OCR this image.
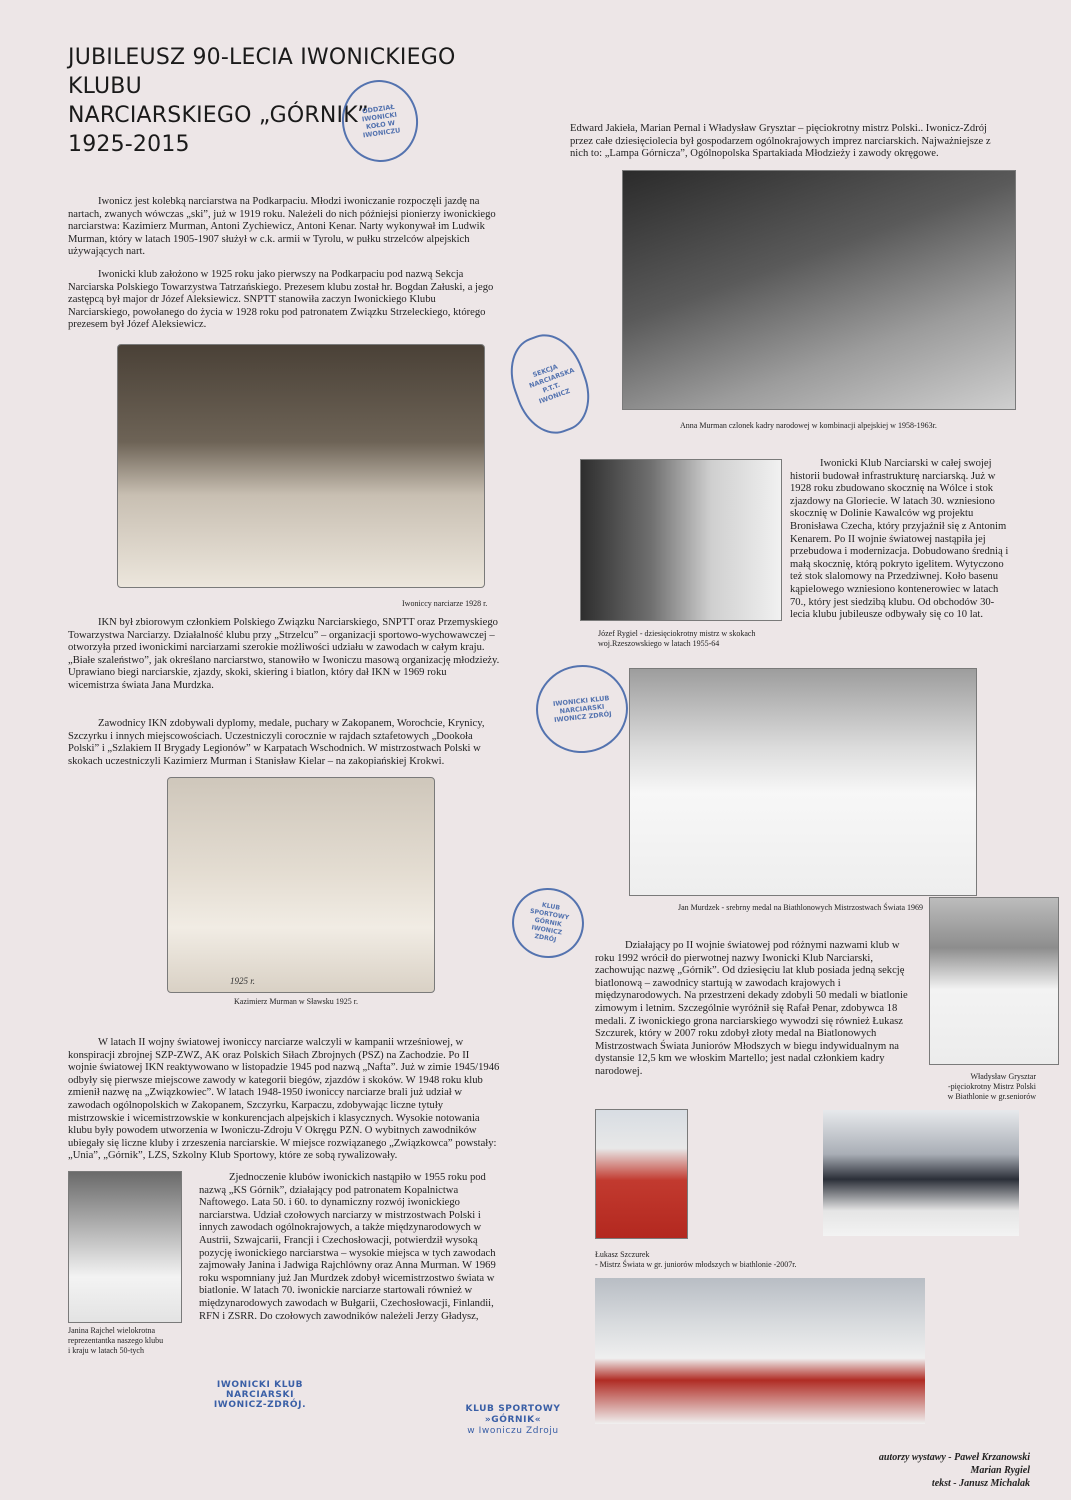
JUBILEUSZ 90-LECIA IWONICKIEGO KLUBU
NARCIARSKIEGO „GÓRNIK”
1925-2015
ODDZIAŁ IWONICKI KOŁO W IWONICZU

Iwonicz jest kolebką narciarstwa na Podkarpaciu. Młodzi iwoniczanie rozpoczęli jazdę na nartach, zwanych wówczas „ski”, już w 1919 roku. Należeli do nich późniejsi pionierzy iwonickiego narciarstwa: Kazimierz Murman, Antoni Zychiewicz, Antoni Kenar. Narty wykonywał im Ludwik Murman, który w latach 1905-1907 służył w c.k. armii w Tyrolu, w pułku strzelców alpejskich używających nart.

Iwonicki klub założono w 1925 roku jako pierwszy na Podkarpaciu pod nazwą Sekcja Narciarska Polskiego Towarzystwa Tatrzańskiego. Prezesem klubu został hr. Bogdan Załuski, a jego zastępcą był major dr Józef Aleksiewicz. SNPTT stanowiła zaczyn Iwonickiego Klubu Narciarskiego, powołanego do życia w 1928 roku pod patronatem Związku Strzeleckiego, którego prezesem był Józef Aleksiewicz.

Iwoniccy narciarze 1928 r.
SEKCJA NARCIARSKA P.T.T. IWONICZ

IKN był zbiorowym członkiem Polskiego Związku Narciarskiego, SNPTT oraz Przemyskiego Towarzystwa Narciarzy. Działalność klubu przy „Strzelcu” – organizacji sportowo-wychowawczej – otworzyła przed iwonickimi narciarzami szerokie możliwości udziału w zawodach w całym kraju. „Białe szaleństwo”, jak określano narciarstwo, stanowiło w Iwoniczu masową organizację młodzieży. Uprawiano biegi narciarskie, zjazdy, skoki, skiering i biatlon, który dał IKN w 1969 roku wicemistrza świata Jana Murdzka.

Zawodnicy IKN zdobywali dyplomy, medale, puchary w Zakopanem, Worochcie, Krynicy, Szczyrku i innych miejscowościach. Uczestniczyli corocznie w rajdach sztafetowych „Dookoła Polski” i „Szlakiem II Brygady Legionów” w Karpatach Wschodnich. W mistrzostwach Polski w skokach uczestniczyli Kazimierz Murman i Stanisław Kielar – na zakopiańskiej Krokwi.

1925 r.
Kazimierz Murman w Sławsku 1925 r.

W latach II wojny światowej iwoniccy narciarze walczyli w kampanii wrześniowej, w konspiracji zbrojnej SZP-ZWZ, AK oraz Polskich Siłach Zbrojnych (PSZ) na Zachodzie. Po II wojnie światowej IKN reaktywowano w listopadzie 1945 pod nazwą „Nafta”. Już w zimie 1945/1946 odbyły się pierwsze miejscowe zawody w kategorii biegów, zjazdów i skoków. W 1948 roku klub zmienił nazwę na „Związkowiec”. W latach 1948-1950 iwoniccy narciarze brali już udział w zawodach ogólnopolskich w Zakopanem, Szczyrku, Karpaczu, zdobywając liczne tytuły mistrzowskie i wicemistrzowskie w konkurencjach alpejskich i klasycznych. Wysokie notowania klubu były powodem utworzenia w Iwoniczu-Zdroju V Okręgu PZN. O wybitnych zawodników ubiegały się liczne kluby i zrzeszenia narciarskie. W miejsce rozwiązanego „Związkowca” powstały: „Unia”, „Górnik”, LZS, Szkolny Klub Sportowy, które ze sobą rywalizowały.

Janina Rajchel wielokrotna
reprezentantka naszego klubu
i kraju w latach 50-tych

Zjednoczenie klubów iwonickich nastąpiło w 1955 roku pod nazwą „KS Górnik”, działający pod patronatem Kopalnictwa Naftowego. Lata 50. i 60. to dynamiczny rozwój iwonickiego narciarstwa. Udział czołowych narciarzy w mistrzostwach Polski i innych zawodach ogólnokrajowych, a także międzynarodowych w Austrii, Szwajcarii, Francji i Czechosłowacji, potwierdził wysoką pozycję iwonickiego narciarstwa – wysokie miejsca w tych zawodach zajmowały Janina i Jadwiga Rajchlówny oraz Anna Murman. W 1969 roku wspomniany już Jan Murdzek zdobył wicemistrzostwo świata w biatlonie. W latach 70. iwonickie narciarze startowali również w międzynarodowych zawodach w Bułgarii, Czechosłowacji, Finlandii, RFN i ZSRR. Do czołowych zawodników należeli Jerzy Gładysz,

IWONICKI KLUB NARCIARSKI
IWONICZ-ZDRÓJ.	KLUB SPORTOWY
»GÓRNIK«
w Iwoniczu Zdroju

Edward Jakieła, Marian Pernal i Władysław Grysztar – pięciokrotny mistrz Polski.. Iwonicz-Zdrój przez całe dziesięciolecia był gospodarzem ogólnokrajowych imprez narciarskich. Najważniejsze z nich to: „Lampa Górnicza”, Ogólnopolska Spartakiada Młodzieży i zawody okręgowe.

Anna Murman czlonek kadry narodowej w kombinacji alpejskiej w 1958-1963r.
Józef Rygiel - dziesięciokrotny mistrz w skokach
woj.Rzeszowskiego w latach 1955-64

Iwonicki Klub Narciarski w całej swojej historii budował infrastrukturę narciarską. Już w 1928 roku zbudowano skocznię na Wólce i stok zjazdowy na Gloriecie. W latach 30. wzniesiono skocznię w Dolinie Kawalców wg projektu Bronisława Czecha, który przyjaźnił się z Antonim Kenarem. Po II wojnie światowej nastąpiła jej przebudowa i modernizacja. Dobudowano średnią i małą skocznię, którą pokryto igelitem. Wytyczono też stok slalomowy na Przedziwnej. Koło basenu kąpielowego wzniesiono kontenerowiec w latach 70., który jest siedzibą klubu. Od obchodów 30-lecia klubu jubileusze odbywały się co 10 lat.

IWONICKI KLUB NARCIARSKI IWONICZ ZDRÓJ
Jan Murdzek - srebrny medal na Biathlonowych Mistrzostwach Świata 1969
KLUB SPORTOWY GÓRNIK IWONICZ ZDRÓJ

Działający po II wojnie światowej pod różnymi nazwami klub w roku 1992 wrócił do pierwotnej nazwy Iwonicki Klub Narciarski, zachowując nazwę „Górnik”. Od dziesięciu lat klub posiada jedną sekcję biatlonową – zawodnicy startują w zawodach krajowych i międzynarodowych. Na przestrzeni dekady zdobyli 50 medali w biatlonie zimowym i letnim. Szczególnie wyróżnił się Rafał Penar, zdobywca 18 medali. Z iwonickiego grona narciarskiego wywodzi się również Łukasz Szczurek, który w 2007 roku zdobył złoty medal na Biatlonowych Mistrzostwach Świata Juniorów Młodszych w biegu indywidualnym na dystansie 12,5 km we włoskim Martello; jest nadal członkiem kadry narodowej.	Władysław Grysztar
-pięciokrotny Mistrz Polski
w Biathlonie w gr.seniorów
Łukasz Szczurek
- Mistrz Świata w gr. juniorów młodszych w biathlonie -2007r.
autorzy wystawy - Paweł Krzanowski
Marian Rygiel
tekst - Janusz Michalak
